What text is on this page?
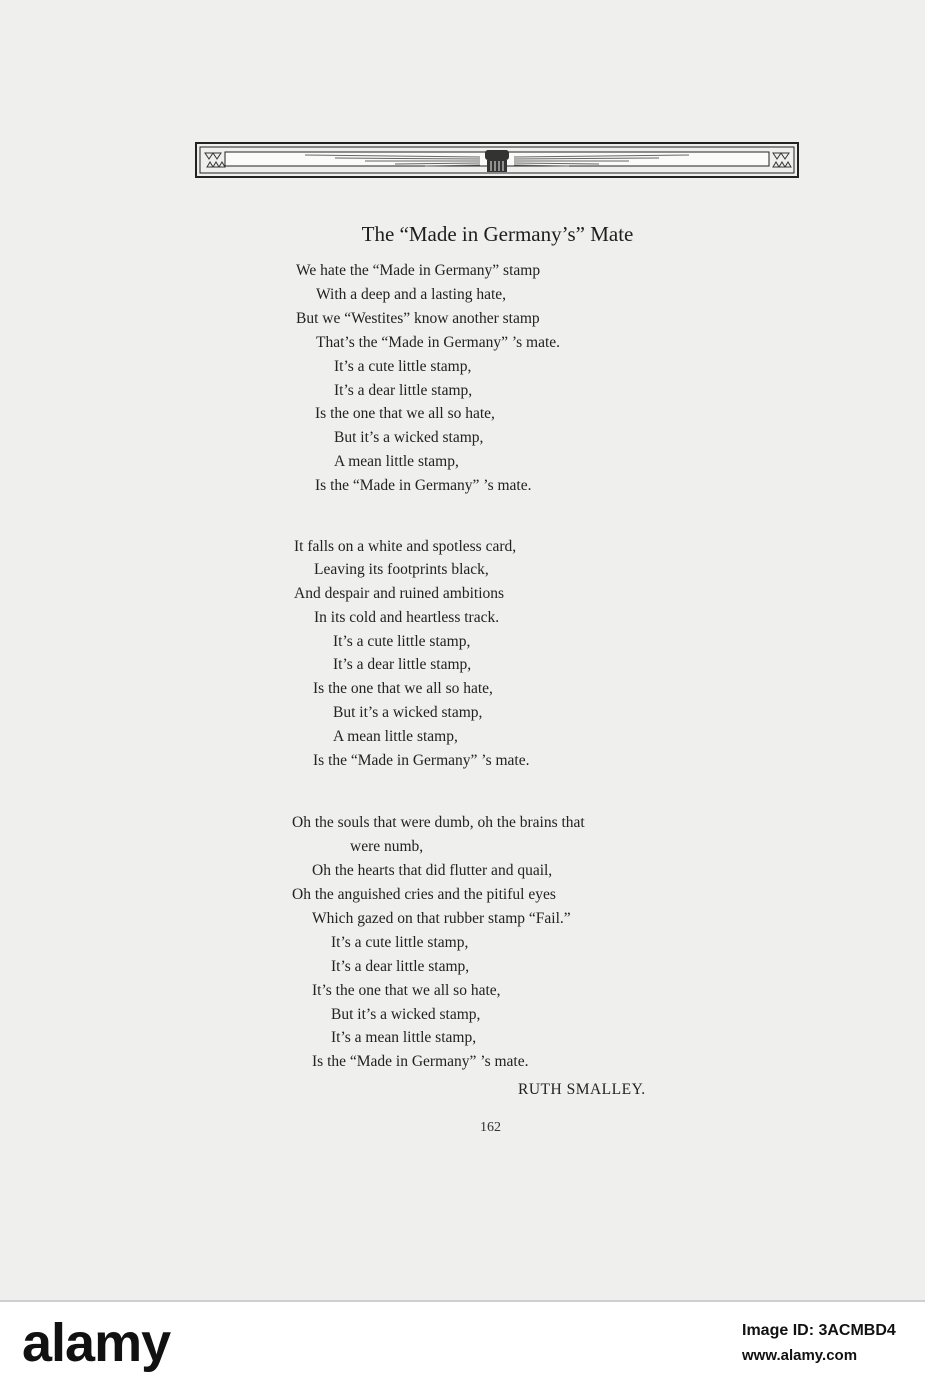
The “Made in Germany’s” Mate
We hate the “Made in Germany” stamp
With a deep and a lasting hate,
But we “Westites” know another stamp
That’s the “Made in Germany” ’s mate.
It’s a cute little stamp,
It’s a dear little stamp,
Is the one that we all so hate,
But it’s a wicked stamp,
A mean little stamp,
Is the “Made in Germany” ’s mate.
It falls on a white and spotless card,
Leaving its footprints black,
And despair and ruined ambitions
In its cold and heartless track.
It’s a cute little stamp,
It’s a dear little stamp,
Is the one that we all so hate,
But it’s a wicked stamp,
A mean little stamp,
Is the “Made in Germany” ’s mate.
Oh the souls that were dumb, oh the brains that
were numb,
Oh the hearts that did flutter and quail,
Oh the anguished cries and the pitiful eyes
Which gazed on that rubber stamp “Fail.”
It’s a cute little stamp,
It’s a dear little stamp,
It’s the one that we all so hate,
But it’s a wicked stamp,
It’s a mean little stamp,
Is the “Made in Germany” ’s mate.
RUTH SMALLEY.
162
alamy	Image ID: 3ACMBD4
www.alamy.com
